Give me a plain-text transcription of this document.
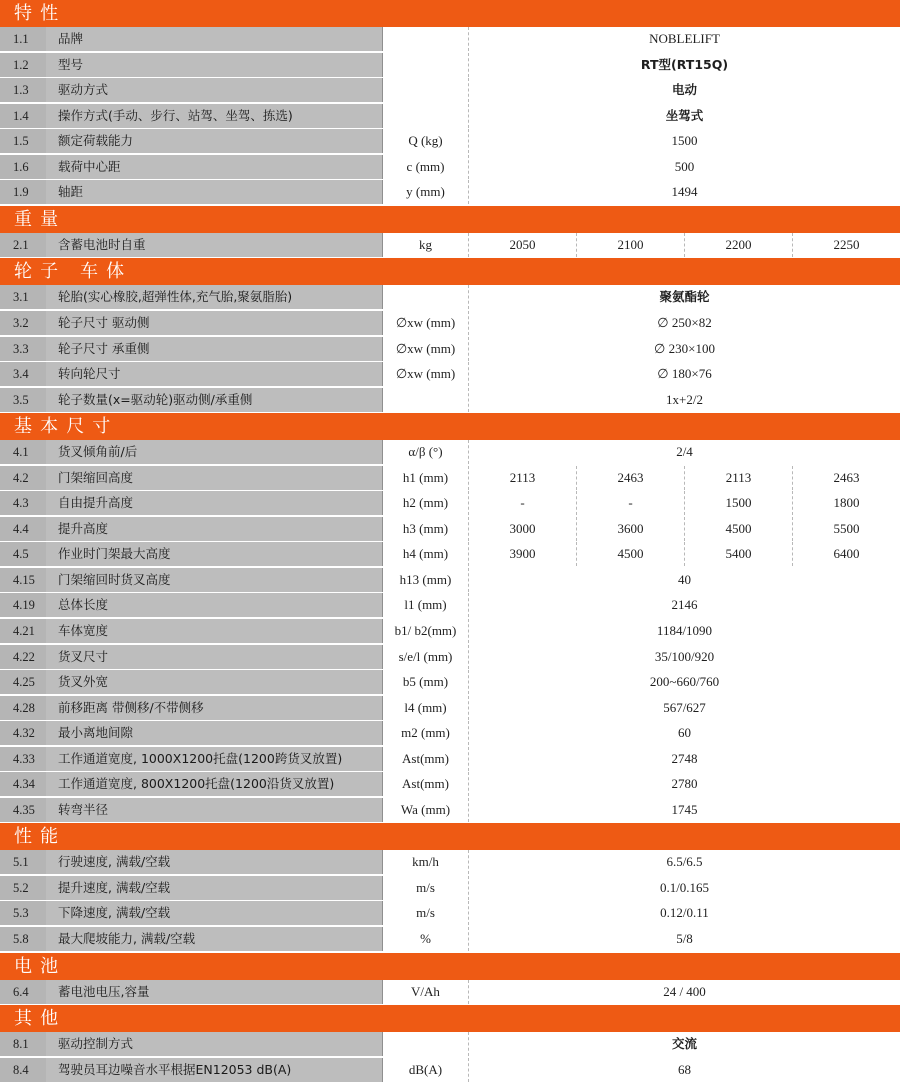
特性
1.1	品牌	NOBLELIFT
1.2	型号	RT型(RT15Q)
1.3	驱动方式	电动
1.4	操作方式(手动、步行、站驾、坐驾、拣选)	坐驾式
1.5	额定荷载能力	Q (kg)	1500
1.6	载荷中心距	c (mm)	500
1.9	轴距	y (mm)	1494
重量
2.1	含蓄电池时自重	kg	2050	2100	2200	2250
轮子 车体
3.1	轮胎(实心橡胶,超弹性体,充气胎,聚氨脂胎)	聚氨酯轮
3.2	轮子尺寸 驱动侧	∅xw (mm)	∅ 250×82
3.3	轮子尺寸 承重侧	∅xw (mm)	∅ 230×100
3.4	转向轮尺寸	∅xw (mm)	∅ 180×76
3.5	轮子数量(x=驱动轮)驱动侧/承重侧	1x+2/2
基本尺寸
4.1	货叉倾角前/后	α/β (°)	2/4
4.2	门架缩回高度	h1 (mm)	2113	2463	2113	2463
4.3	自由提升高度	h2 (mm)	-	-	1500	1800
4.4	提升高度	h3 (mm)	3000	3600	4500	5500
4.5	作业时门架最大高度	h4 (mm)	3900	4500	5400	6400
4.15	门架缩回时货叉高度	h13 (mm)	40
4.19	总体长度	l1 (mm)	2146
4.21	车体宽度	b1/ b2(mm)	1184/1090
4.22	货叉尺寸	s/e/l (mm)	35/100/920
4.25	货叉外宽	b5 (mm)	200~660/760
4.28	前移距离 带侧移/不带侧移	l4 (mm)	567/627
4.32	最小离地间隙	m2 (mm)	60
4.33	工作通道宽度, 1000X1200托盘(1200跨货叉放置)	Ast(mm)	2748
4.34	工作通道宽度, 800X1200托盘(1200沿货叉放置)	Ast(mm)	2780
4.35	转弯半径	Wa (mm)	1745
性能
5.1	行驶速度, 满载/空载	km/h	6.5/6.5
5.2	提升速度, 满载/空载	m/s	0.1/0.165
5.3	下降速度, 满载/空载	m/s	0.12/0.11
5.8	最大爬坡能力, 满载/空载	%	5/8
电池
6.4	蓄电池电压,容量	V/Ah	24 / 400
其他
8.1	驱动控制方式	交流
8.4	驾驶员耳边噪音水平根据EN12053 dB(A)	dB(A)	68
